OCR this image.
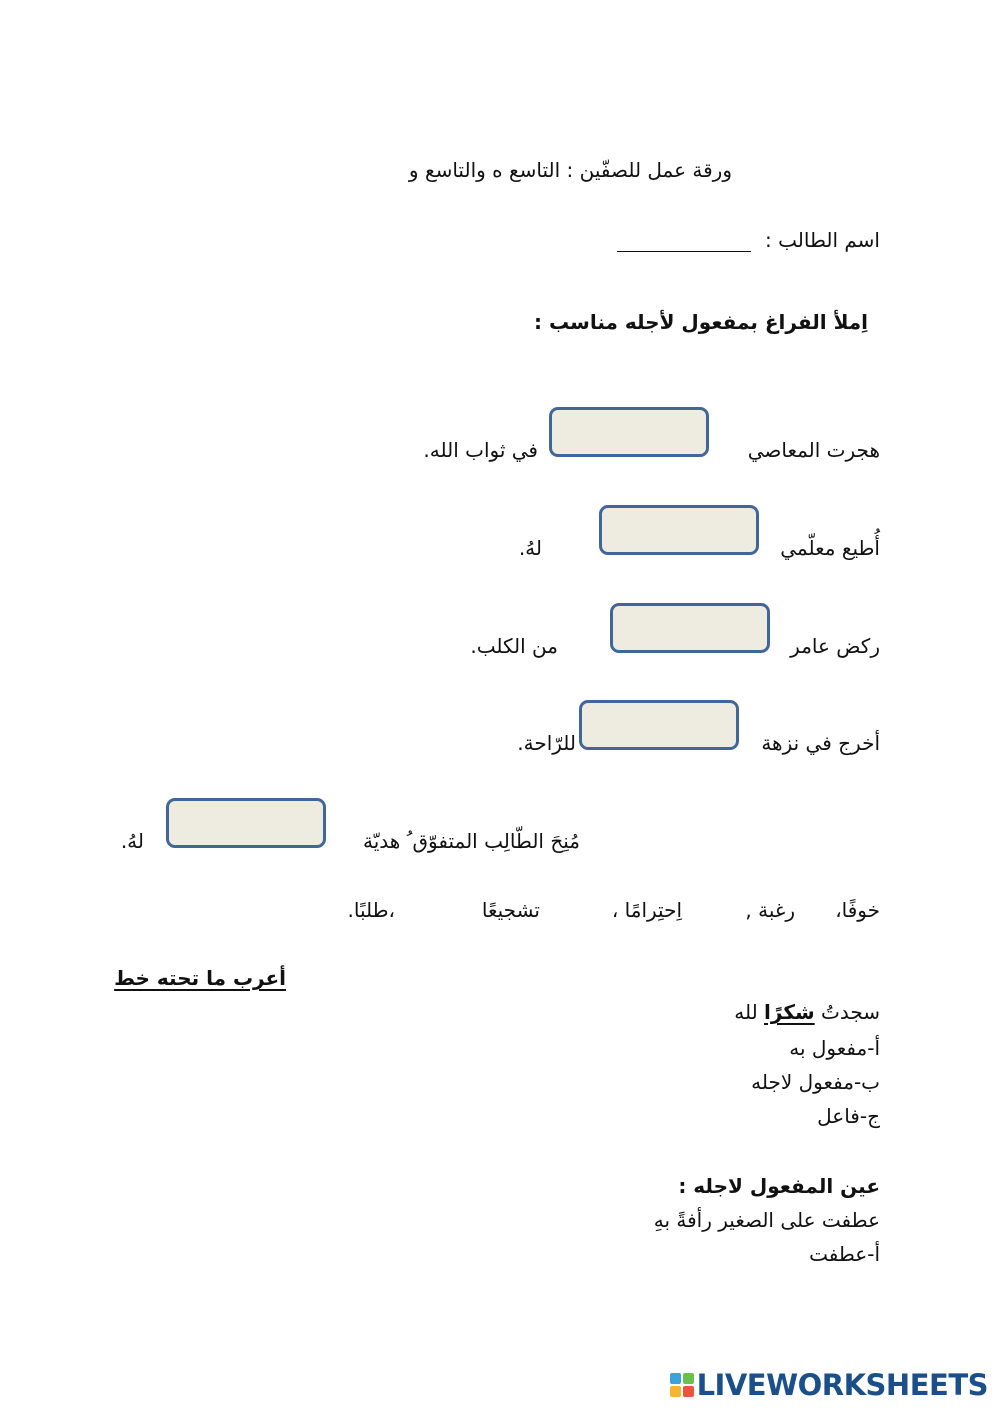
ورقة عمل للصفّين : التاسع ه والتاسع و
اسم الطالب :
اِملأ الفراغ بمفعول لأجله مناسب :
هجرت المعاصي
في ثواب الله.
أُطيع معلّمي
لهُ.
ركض عامر
من الكلب.
أخرج في نزهة
للرّاحة.
مُنِحَ الطّالِب المتفوّق ُ هديّة
لهُ.
خوفًا،
رغبة ,
اِحتِرامًا ،
تشجيعًا
،طلبًا.
أعرب ما تحته خط
سجدتُ شكرًا لله
أ-مفعول به
ب-مفعول لاجله
ج-فاعل
عين المفعول لاجله :
عطفت على الصغير رأفةً بهِ
أ-عطفت
LIVEWORKSHEETS
